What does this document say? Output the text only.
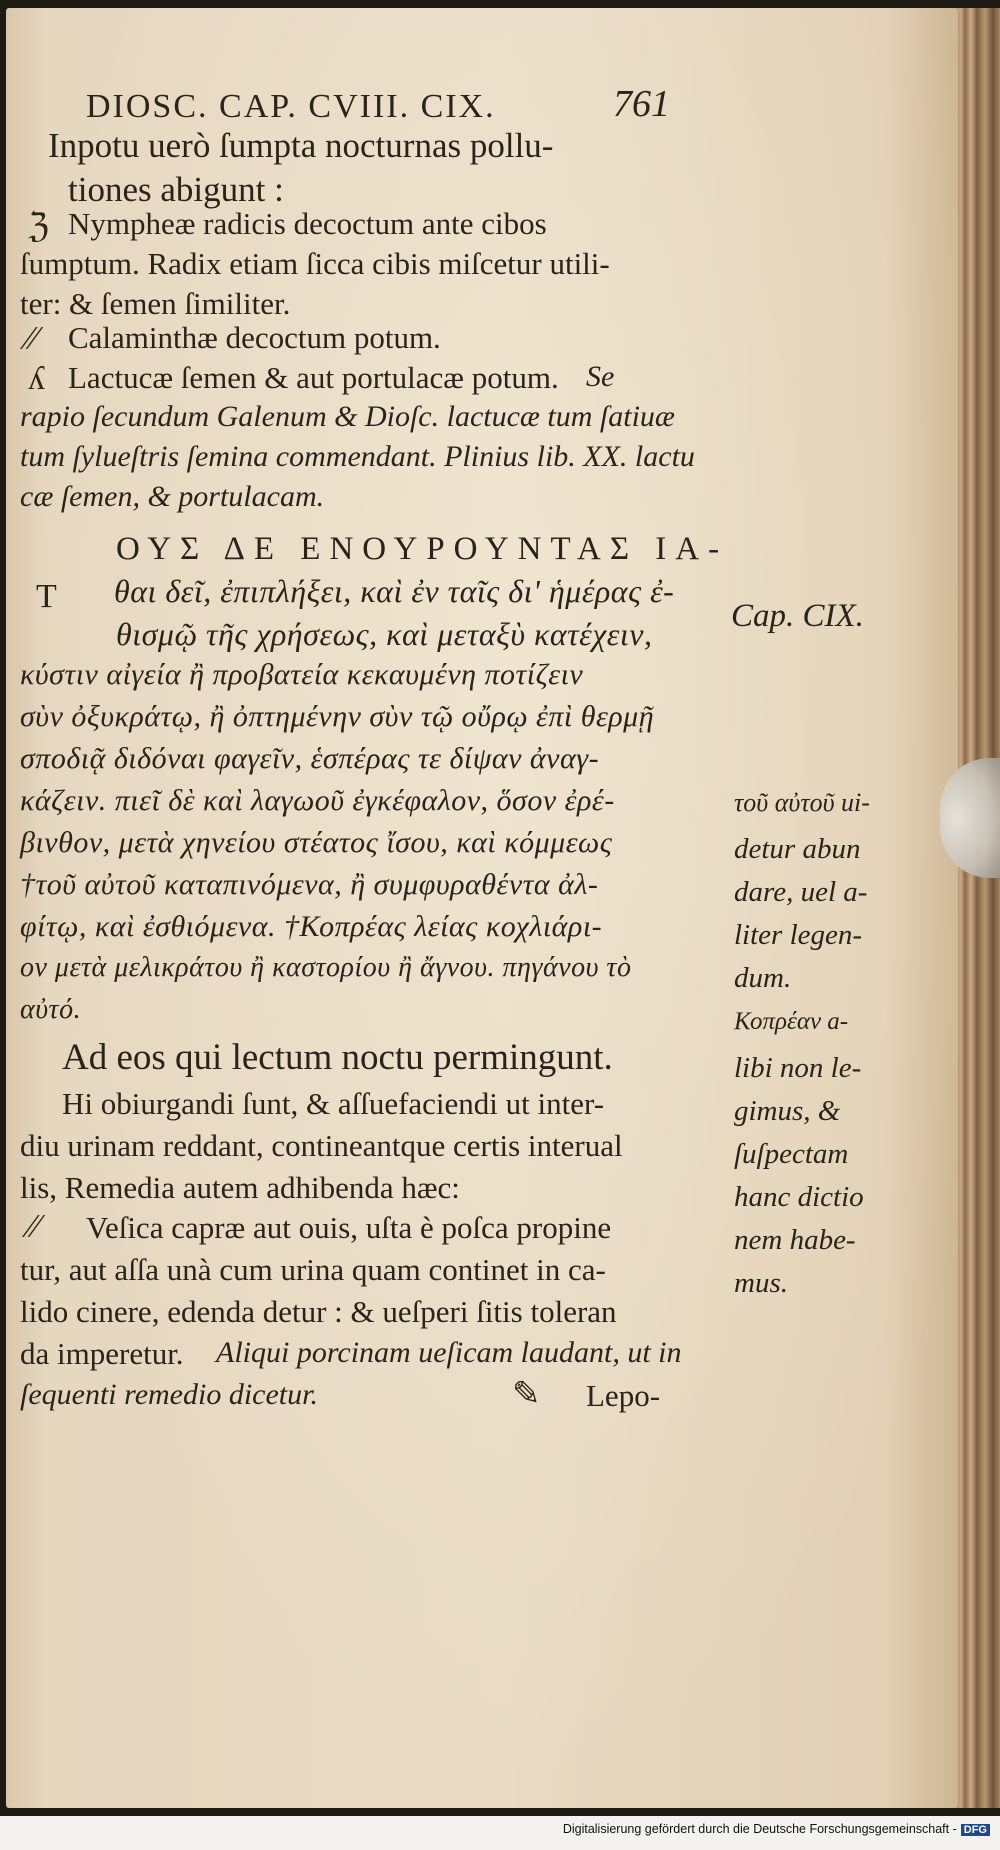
DIOSC. CAP. CVIII. CIX.	761
Inpotu uerò ſumpta nocturnas pollu-
tiones abigunt :
ℨ Nympheæ radicis decoctum ante cibos
ſumptum. Radix etiam ſicca cibis miſcetur utili-
ter: & ſemen ſimiliter.
⁄⁄ Calaminthæ decoctum potum.
ʎ Lactucæ ſemen & aut portulacæ potum. Se
rapio ſecundum Galenum & Dioſc. lactucæ tum ſatiuæ
tum ſylueſtris ſemina commendant. Plinius lib. XX. lactu
cæ ſemen, & portulacam.
ΟΥΣ ΔΕ ΕΝΟΥΡΟΥΝΤΑΣ ΙΑ-
Τ θαι δεῖ, ἐπιπλήξει, καὶ ἐν ταῖς δι' ἡμέρας ἐ-
θισμῷ τῆς χρήσεως, καὶ μεταξὺ κατέχειν,
κύστιν αἰγεία ἢ προβατεία κεκαυμένη ποτίζειν
σὺν ὀξυκράτῳ, ἢ ὀπτημένην σὺν τῷ οὔρῳ ἐπὶ θερμῇ
σποδιᾷ διδόναι φαγεῖν, ἑσπέρας τε δίψαν ἀναγ-
κάζειν. πιεῖ δὲ καὶ λαγωοῦ ἐγκέφαλον, ὅσον ἐρέ-
βινθον, μετὰ χηνείου στέατος ἴσου, καὶ κόμμεως
†τοῦ αὐτοῦ καταπινόμενα, ἢ συμφυραθέντα ἀλ-
φίτῳ, καὶ ἐσθιόμενα. †Κοπρέας λείας κοχλιάρι-
ον μετὰ μελικράτου ἢ καστορίου ἢ ἄγνου. πηγάνου τὸ
αὐτό.
Ad eos qui lectum noctu permingunt.
Hi obiurgandi ſunt, & aſſuefaciendi ut inter-
diu urinam reddant, contineantque certis interual
lis, Remedia autem adhibenda hæc:
⁄⁄ Veſica capræ aut ouis, uſta è poſca propine
tur, aut aſſa unà cum urina quam continet in ca-
lido cinere, edenda detur : & ueſperi ſitis toleran
da imperetur. Aliqui porcinam ueſicam laudant, ut in
ſequenti remedio dicetur.	✎ Lepo-
Cap. CIX.
τοῦ αὐτοῦ ui-
detur abun
dare, uel a-
liter legen-
dum.
Κοπρέαν a-
libi non le-
gimus, &
ſuſpectam
hanc dictio
nem habe-
mus.
Digitalisierung gefördert durch die Deutsche Forschungsgemeinschaft - DFG
